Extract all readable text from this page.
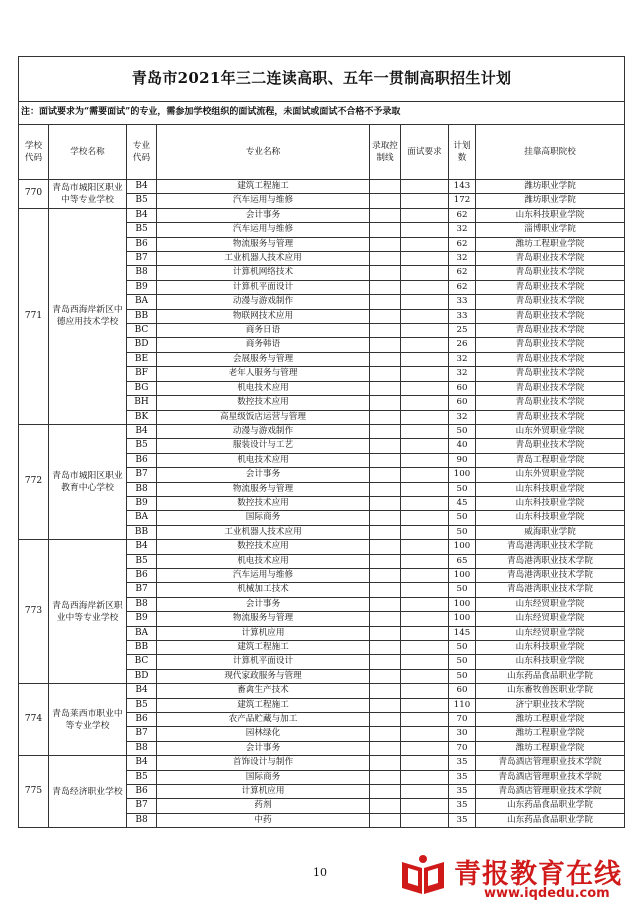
青岛市2021年三二连读高职、五年一贯制高职招生计划							
注：面试要求为“需要面试”的专业，需参加学校组织的面试流程，未面试或面试不合格不予录取							
学校代码	学校名称	专业代码	专业名称	录取控制线	面试要求	计划数	挂靠高职院校
770	青岛市城阳区职业中等专业学校	B4	建筑工程施工			143	潍坊职业学院
		B5	汽车运用与维修			172	潍坊职业学院
771	青岛西海岸新区中德应用技术学校	B4	会计事务			62	山东科技职业学院
		B5	汽车运用与维修			32	淄博职业学院
		B6	物流服务与管理			62	潍坊工程职业学院
		B7	工业机器人技术应用			32	青岛职业技术学院
		B8	计算机网络技术			62	青岛职业技术学院
		B9	计算机平面设计			62	青岛职业技术学院
		BA	动漫与游戏制作			33	青岛职业技术学院
		BB	物联网技术应用			33	青岛职业技术学院
		BC	商务日语			25	青岛职业技术学院
		BD	商务韩语			26	青岛职业技术学院
		BE	会展服务与管理			32	青岛职业技术学院
		BF	老年人服务与管理			32	青岛职业技术学院
		BG	机电技术应用			60	青岛职业技术学院
		BH	数控技术应用			60	青岛职业技术学院
		BK	高星级饭店运营与管理			32	青岛职业技术学院
772	青岛市城阳区职业教育中心学校	B4	动漫与游戏制作			50	山东外贸职业学院
		B5	服装设计与工艺			40	青岛职业技术学院
		B6	机电技术应用			90	青岛工程职业学院
		B7	会计事务			100	山东外贸职业学院
		B8	物流服务与管理			50	山东科技职业学院
		B9	数控技术应用			45	山东科技职业学院
		BA	国际商务			50	山东科技职业学院
		BB	工业机器人技术应用			50	威海职业学院
773	青岛西海岸新区职业中等专业学校	B4	数控技术应用			100	青岛港湾职业技术学院
		B5	机电技术应用			65	青岛港湾职业技术学院
		B6	汽车运用与维修			100	青岛港湾职业技术学院
		B7	机械加工技术			50	青岛港湾职业技术学院
		B8	会计事务			100	山东经贸职业学院
		B9	物流服务与管理			100	山东经贸职业学院
		BA	计算机应用			145	山东经贸职业学院
		BB	建筑工程施工			50	山东科技职业学院
		BC	计算机平面设计			50	山东科技职业学院
		BD	现代家政服务与管理			50	山东药品食品职业学院
774	青岛莱西市职业中等专业学校	B4	畜禽生产技术			60	山东畜牧兽医职业学院
		B5	建筑工程施工			110	济宁职业技术学院
		B6	农产品贮藏与加工			70	潍坊工程职业学院
		B7	园林绿化			30	潍坊工程职业学院
		B8	会计事务			70	潍坊工程职业学院
775	青岛经济职业学校	B4	首饰设计与制作			35	青岛酒店管理职业技术学院
		B5	国际商务			35	青岛酒店管理职业技术学院
		B6	计算机应用			35	青岛酒店管理职业技术学院
		B7	药剂			35	山东药品食品职业学院
		B8	中药			35	山东药品食品职业学院
10	青报教育在线
www.iqdedu.com
